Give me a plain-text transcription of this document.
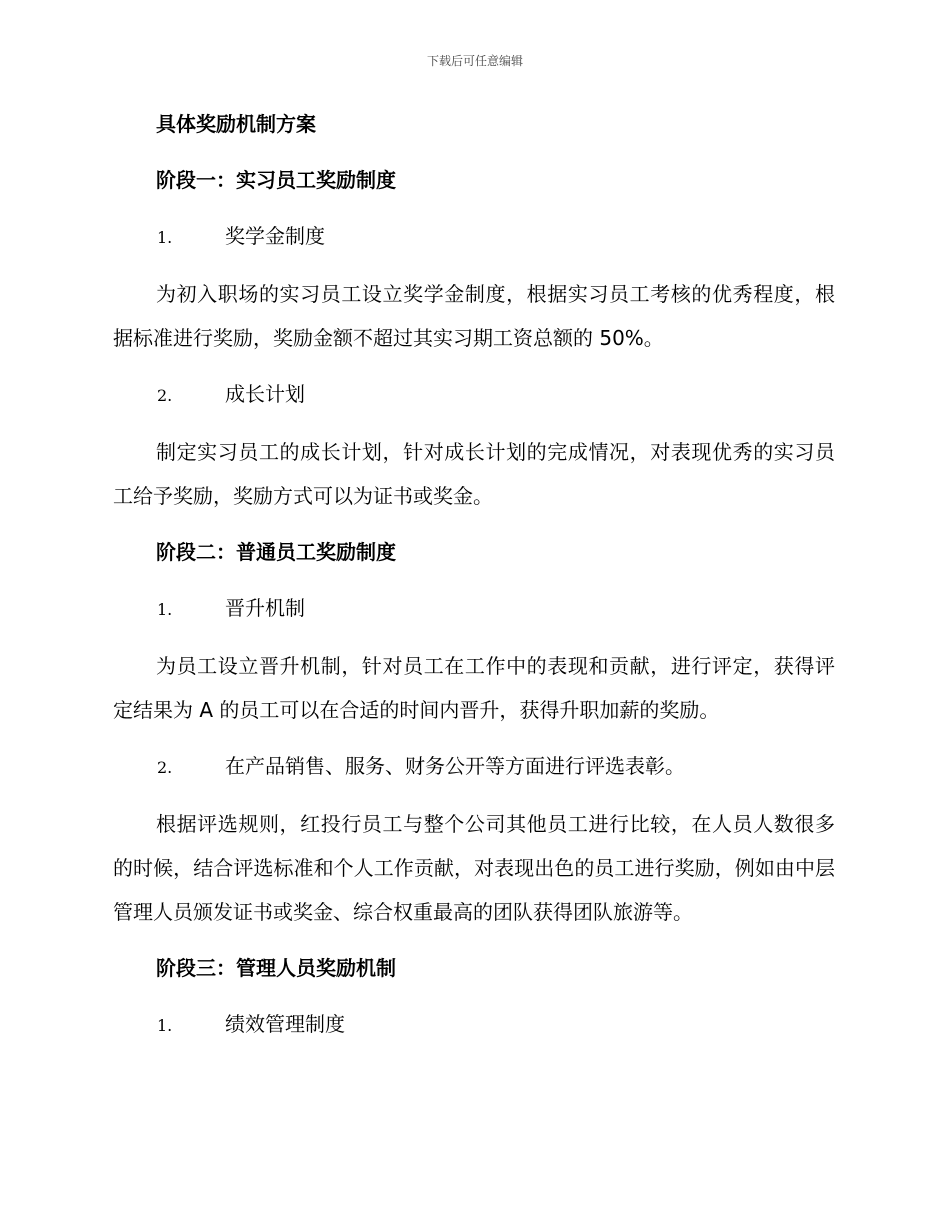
下载后可任意编辑
具体奖励机制方案
阶段一：实习员工奖励制度
1.	奖学金制度

为初入职场的实习员工设立奖学金制度，根据实习员工考核的优秀程度，根据标准进行奖励，奖励金额不超过其实习期工资总额的 50%。

2.	成长计划

制定实习员工的成长计划，针对成长计划的完成情况，对表现优秀的实习员工给予奖励，奖励方式可以为证书或奖金。

阶段二：普通员工奖励制度
1.	晋升机制

为员工设立晋升机制，针对员工在工作中的表现和贡献，进行评定，获得评定结果为 A 的员工可以在合适的时间内晋升，获得升职加薪的奖励。

2.	在产品销售、服务、财务公开等方面进行评选表彰。

根据评选规则，红投行员工与整个公司其他员工进行比较，在人员人数很多的时候，结合评选标准和个人工作贡献，对表现出色的员工进行奖励，例如由中层管理人员颁发证书或奖金、综合权重最高的团队获得团队旅游等。

阶段三：管理人员奖励机制
1.	绩效管理制度
